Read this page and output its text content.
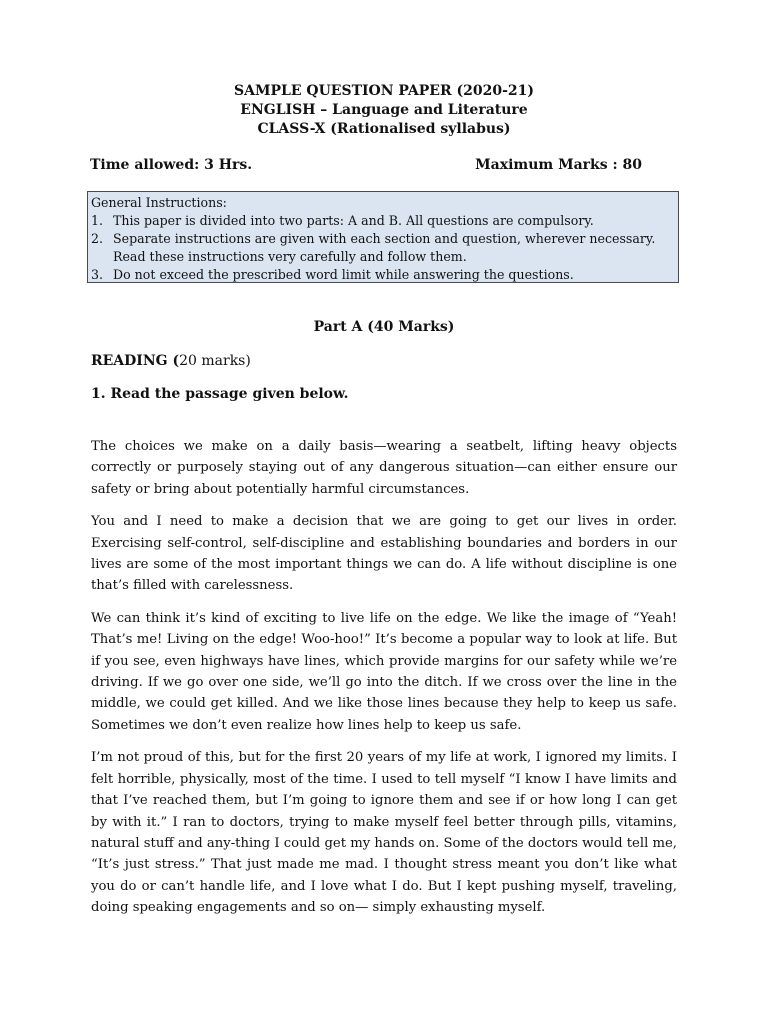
SAMPLE QUESTION PAPER (2020-21)
ENGLISH – Language and Literature
CLASS-X (Rationalised syllabus)
Time allowed: 3 Hrs.	Maximum Marks : 80
General Instructions:
1. This paper is divided into two parts: A and B. All questions are compulsory.
2. Separate instructions are given with each section and question, wherever necessary. Read these instructions very carefully and follow them.
3. Do not exceed the prescribed word limit while answering the questions.
Part A (40 Marks)
READING (20 marks)
1. Read the passage given below.

The choices we make on a daily basis—wearing a seatbelt, lifting heavy objects correctly or purposely staying out of any dangerous situation—can either ensure our safety or bring about potentially harmful circumstances.

You and I need to make a decision that we are going to get our lives in order. Exercising self-control, self-discipline and establishing boundaries and borders in our lives are some of the most important things we can do. A life without discipline is one that’s filled with carelessness.

We can think it’s kind of exciting to live life on the edge. We like the image of “Yeah! That’s me! Living on the edge! Woo-hoo!” It’s become a popular way to look at life. But if you see, even highways have lines, which provide margins for our safety while we’re driving. If we go over one side, we’ll go into the ditch. If we cross over the line in the middle, we could get killed. And we like those lines because they help to keep us safe. Sometimes we don’t even realize how lines help to keep us safe.

I’m not proud of this, but for the first 20 years of my life at work, I ignored my limits. I felt horrible, physically, most of the time. I used to tell myself “I know I have limits and that I’ve reached them, but I’m going to ignore them and see if or how long I can get by with it.” I ran to doctors, trying to make myself feel better through pills, vitamins, natural stuff and any-thing I could get my hands on. Some of the doctors would tell me, “It’s just stress.” That just made me mad. I thought stress meant you don’t like what you do or can’t handle life, and I love what I do. But I kept pushing myself, traveling, doing speaking engagements and so on— simply exhausting myself.
